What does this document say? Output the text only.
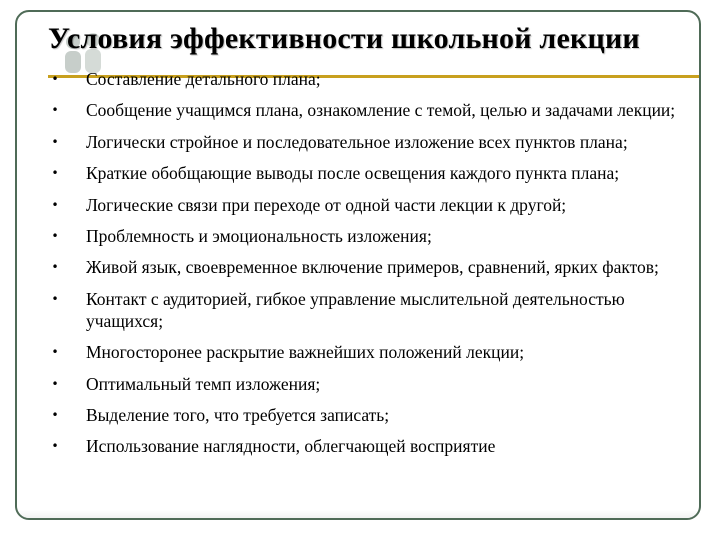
Условия эффективности школьной лекции
•	Составление детального плана;
•	Сообщение учащимся плана, ознакомление с темой, целью и задачами лекции;
•	Логически стройное и последовательное изложение всех пунктов плана;
•	Краткие обобщающие выводы после освещения каждого пункта плана;
•	Логические связи при переходе от одной части лекции к другой;
•	Проблемность и эмоциональность изложения;
•	Живой язык, своевременное включение примеров, сравнений, ярких фактов;
•	Контакт с аудиторией, гибкое управление мыслительной деятельностью учащихся;
•	Многосторонее раскрытие важнейших положений лекции;
•	Оптимальный темп изложения;
•	Выделение того, что требуется записать;
•	Использование наглядности, облегчающей восприятие
